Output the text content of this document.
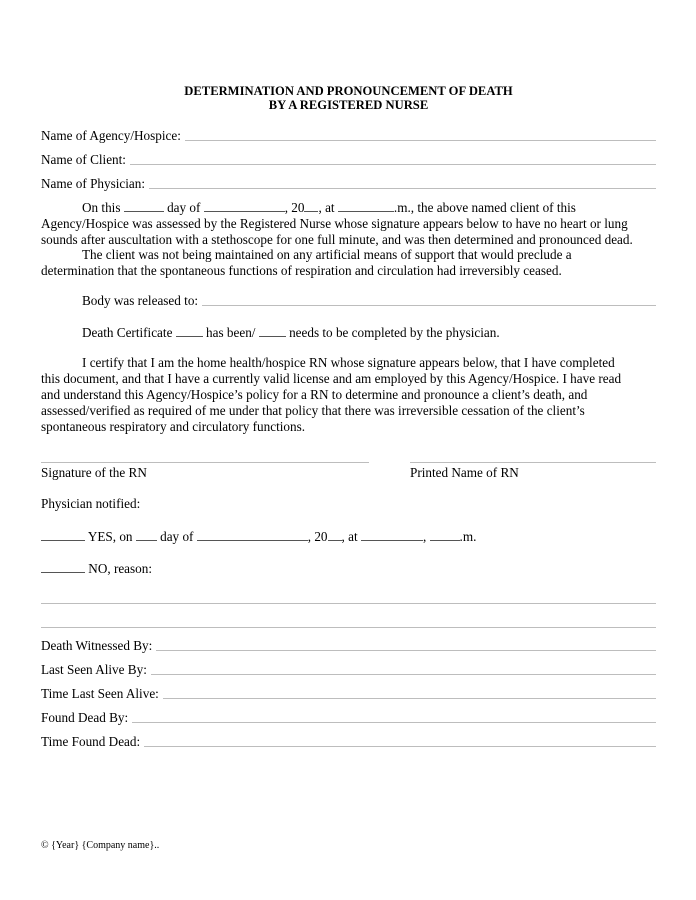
DETERMINATION AND PRONOUNCEMENT OF DEATH
BY A REGISTERED NURSE
Name of Agency/Hospice:
Name of Client:
Name of Physician:
On this	day of	, 20 , at	.m., the above named client of this
Agency/Hospice was assessed by the Registered Nurse whose signature appears below to have no heart or lung
sounds after auscultation with a stethoscope for one full minute, and was then determined and pronounced dead.
The client was not being maintained on any artificial means of support that would preclude a
determination that the spontaneous functions of respiration and circulation had irreversibly ceased.
Body was released to:
Death Certificate	has been/	needs to be completed by the physician.
I certify that I am the home health/hospice RN whose signature appears below, that I have completed
this document, and that I have a currently valid license and am employed by this Agency/Hospice. I have read
and understand this Agency/Hospice’s policy for a RN to determine and pronounce a client’s death, and
assessed/verified as required of me under that policy that there was irreversible cessation of the client’s
spontaneous respiratory and circulatory functions.
Signature of the RN	Printed Name of RN
Physician notified:
YES, on day of	, 20 , at	,	.m.
NO, reason:
Death Witnessed By:
Last Seen Alive By:
Time Last Seen Alive:
Found Dead By:
Time Found Dead:
© {Year} {Company name}..
